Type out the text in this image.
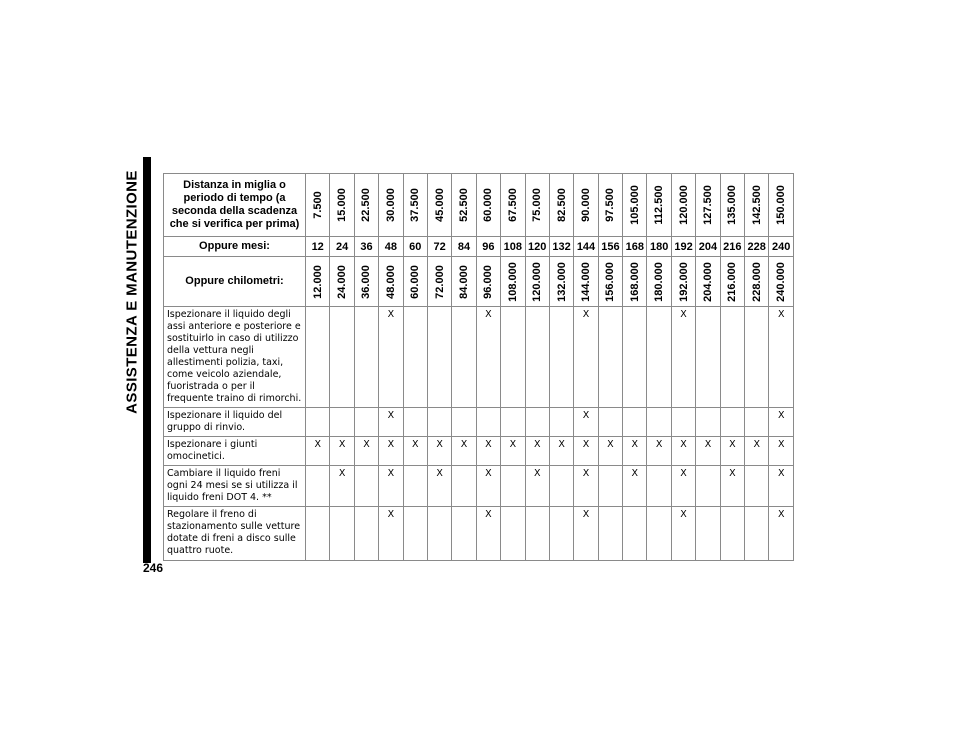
ASSISTENZA E MANUTENZIONE
246
Distanza in miglia o periodo di tempo (a seconda della scadenza che si verifica per prima)	7.500	15.000	22.500	30.000	37.500	45.000	52.500	60.000	67.500	75.000	82.500	90.000	97.500	105.000	112.500	120.000	127.500	135.000	142.500	150.000

Oppure mesi:	12	24	36	48	60	72	84	96	108	120	132	144	156	168	180	192	204	216	228	240
Oppure chilometri:	12.000	24.000	36.000	48.000	60.000	72.000	84.000	96.000	108.000	120.000	132.000	144.000	156.000	168.000	180.000	192.000	204.000	216.000	228.000	240.000

Ispezionare il liquido degli assi anteriore e posteriore e sostituirlo in caso di utilizzo della vettura negli allestimenti polizia, taxi, come veicolo aziendale, fuoristrada o per il frequente traino di rimorchi.				X				X				X				X				X
Ispezionare il liquido del gruppo di rinvio.				X								X								X
Ispezionare i giunti omocinetici.	X	X	X	X	X	X	X	X	X	X	X	X	X	X	X	X	X	X	X	X
Cambiare il liquido freni ogni 24 mesi se si utilizza il liquido freni DOT 4. **		X		X		X		X		X		X		X		X		X		X
Regolare il freno di stazionamento sulle vetture dotate di freni a disco sulle quattro ruote.				X				X				X				X				X
